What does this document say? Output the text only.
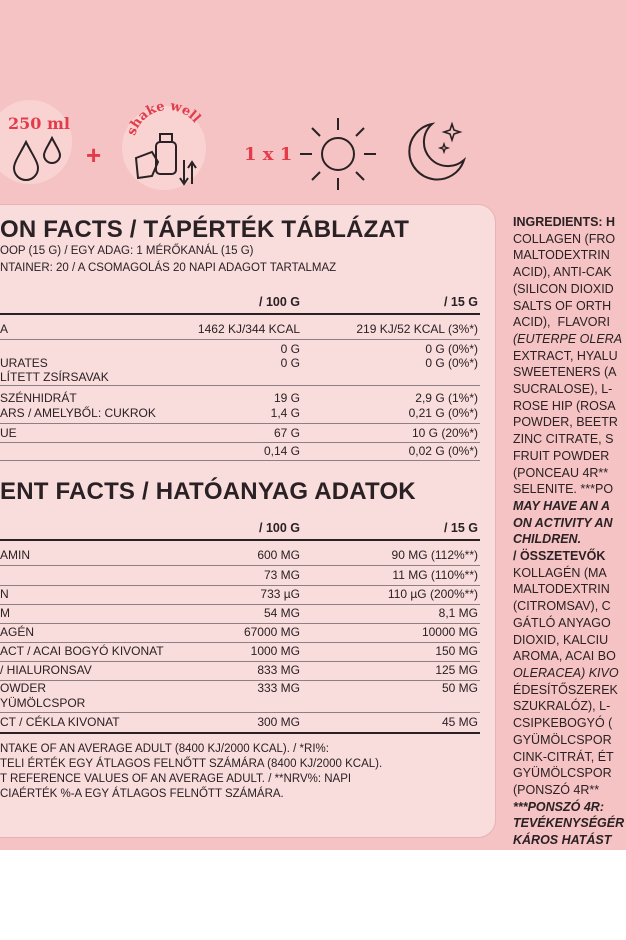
250 ml
+
shake well
1 x 1
ON FACTS / TÁPÉRTÉK TÁBLÁZAT
OOP (15 G) / EGY ADAG: 1 MÉRŐKANÁL (15 G)
NTAINER: 20 / A CSOMAGOLÁS 20 NAPI ADAGOT TARTALMAZ
/ 100 G	/ 15 G
A	1462 KJ/344 KCAL	219 KJ/52 KCAL (3%*)
0 G	0 G (0%*)
URATES	0 G	0 G (0%*)
LÍTETT ZSÍRSAVAK
SZÉNHIDRÁT	19 G	2,9 G (1%*)
ARS / AMELYBŐL: CUKROK	1,4 G	0,21 G (0%*)
UE	67 G	10 G (20%*)
0,14 G	0,02 G (0%*)
ENT FACTS / HATÓANYAG ADATOK
/ 100 G	/ 15 G
AMIN	600 MG	90 MG (112%**)
73 MG	11 MG (110%**)
N	733 µG	110 µG (200%**)
M	54 MG	8,1 MG
AGÉN	67000 MG	10000 MG
ACT / ACAI BOGYÓ KIVONAT	1000 MG	150 MG
/ HIALURONSAV	833 MG	125 MG
OWDER	333 MG	50 MG
YÜMÖLCSPOR
CT / CÉKLA KIVONAT	300 MG	45 MG
NTAKE OF AN AVERAGE ADULT (8400 KJ/2000 KCAL). / *RI%:
TELI ÉRTÉK EGY ÁTLAGOS FELNŐTT SZÁMÁRA (8400 KJ/2000 KCAL).
T REFERENCE VALUES OF AN AVERAGE ADULT. / **NRV%: NAPI
CIAÉRTÉK %-A EGY ÁTLAGOS FELNŐTT SZÁMÁRA.
INGREDIENTS: H
COLLAGEN (FRO
MALTODEXTRIN
ACID), ANTI-CAK
(SILICON DIOXID
SALTS OF ORTH
ACID),  FLAVORI
(EUTERPE OLERA
EXTRACT, HYALU
SWEETENERS (A
SUCRALOSE), L-
ROSE HIP (ROSA
POWDER, BEETR
ZINC CITRATE, S
FRUIT POWDER
(PONCEAU 4R**
SELENITE. ***PO
MAY HAVE AN A
ON ACTIVITY AN
CHILDREN.
/ ÖSSZETEVŐK
KOLLAGÉN (MA
MALTODEXTRIN
(CITROMSAV), C
GÁTLÓ ANYAGO
DIOXID, KALCIU
AROMA, ACAI BO
OLERACEA) KIVO
ÉDESÍTŐSZEREK
SZUKRALÓZ), L-
CSIPKEBOGYÓ (
GYÜMÖLCSPOR
CINK-CITRÁT, ÉT
GYÜMÖLCSPOR
(PONSZÓ 4R**
***PONSZÓ 4R:
TEVÉKENYSÉGÉR
KÁROS HATÁST
